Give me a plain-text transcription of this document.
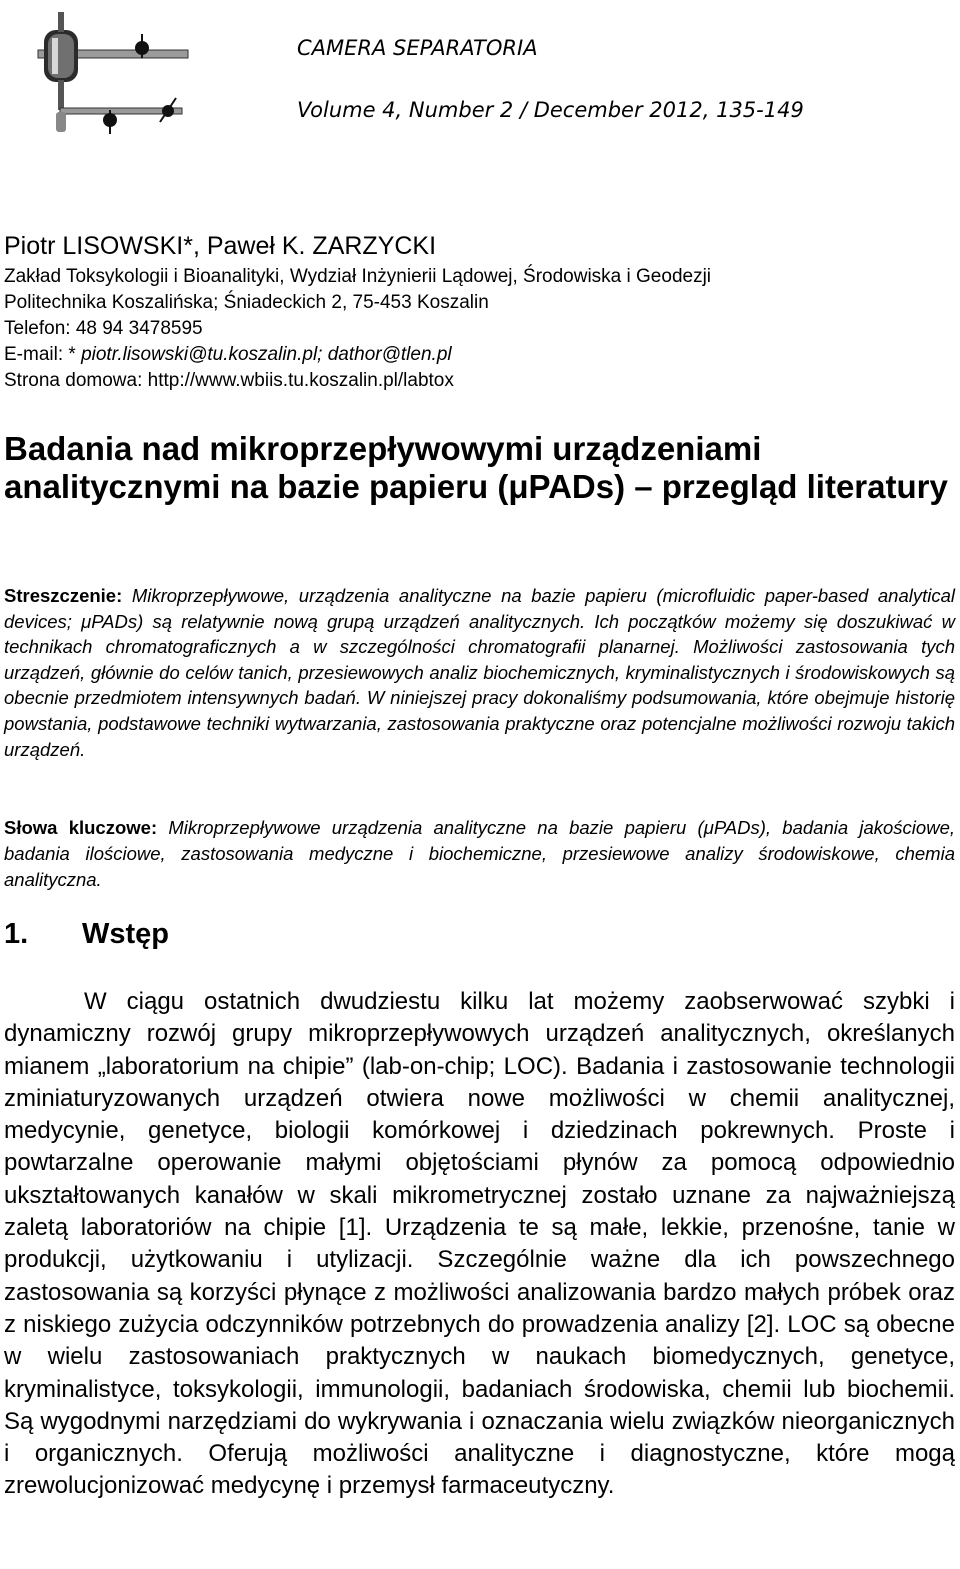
CAMERA SEPARATORIA
Volume 4, Number 2 / December 2012, 135-149
Piotr LISOWSKI*, Paweł K. ZARZYCKI
Zakład Toksykologii i Bioanalityki, Wydział Inżynierii Lądowej, Środowiska i Geodezji
Politechnika Koszalińska; Śniadeckich 2, 75-453 Koszalin
Telefon: 48 94 3478595
E-mail: * piotr.lisowski@tu.koszalin.pl; dathor@tlen.pl
Strona domowa: http://www.wbiis.tu.koszalin.pl/labtox
Badania nad mikroprzepływowymi urządzeniami analitycznymi na bazie papieru (μPADs) – przegląd literatury
Streszczenie: Mikroprzepływowe, urządzenia analityczne na bazie papieru (microfluidic paper-based analytical devices; μPADs) są relatywnie nową grupą urządzeń analitycznych. Ich początków możemy się doszukiwać w technikach chromatograficznych a w szczególności chromatografii planarnej. Możliwości zastosowania tych urządzeń, głównie do celów tanich, przesiewowych analiz biochemicznych, kryminalistycznych i środowiskowych są obecnie przedmiotem intensywnych badań. W niniejszej pracy dokonaliśmy podsumowania, które obejmuje historię powstania, podstawowe techniki wytwarzania, zastosowania praktyczne oraz potencjalne możliwości rozwoju takich urządzeń.
Słowa kluczowe: Mikroprzepływowe urządzenia analityczne na bazie papieru (μPADs), badania jakościowe, badania ilościowe, zastosowania medyczne i biochemiczne, przesiewowe analizy środowiskowe, chemia analityczna.
1. Wstęp
W ciągu ostatnich dwudziestu kilku lat możemy zaobserwować szybki i dynamiczny rozwój grupy mikroprzepływowych urządzeń analitycznych, określanych mianem „laboratorium na chipie” (lab-on-chip; LOC). Badania i zastosowanie technologii zminiaturyzowanych urządzeń otwiera nowe możliwości w chemii analitycznej, medycynie, genetyce, biologii komórkowej i dziedzinach pokrewnych. Proste i powtarzalne operowanie małymi objętościami płynów za pomocą odpowiednio ukształtowanych kanałów w skali mikrometrycznej zostało uznane za najważniejszą zaletą laboratoriów na chipie [1]. Urządzenia te są małe, lekkie, przenośne, tanie w produkcji, użytkowaniu i utylizacji. Szczególnie ważne dla ich powszechnego zastosowania są korzyści płynące z możliwości analizowania bardzo małych próbek oraz z niskiego zużycia odczynników potrzebnych do prowadzenia analizy [2]. LOC są obecne w wielu zastosowaniach praktycznych w naukach biomedycznych, genetyce, kryminalistyce, toksykologii, immunologii, badaniach środowiska, chemii lub biochemii. Są wygodnymi narzędziami do wykrywania i oznaczania wielu związków nieorganicznych i organicznych. Oferują możliwości analityczne i diagnostyczne, które mogą zrewolucjonizować medycynę i przemysł farmaceutyczny.
